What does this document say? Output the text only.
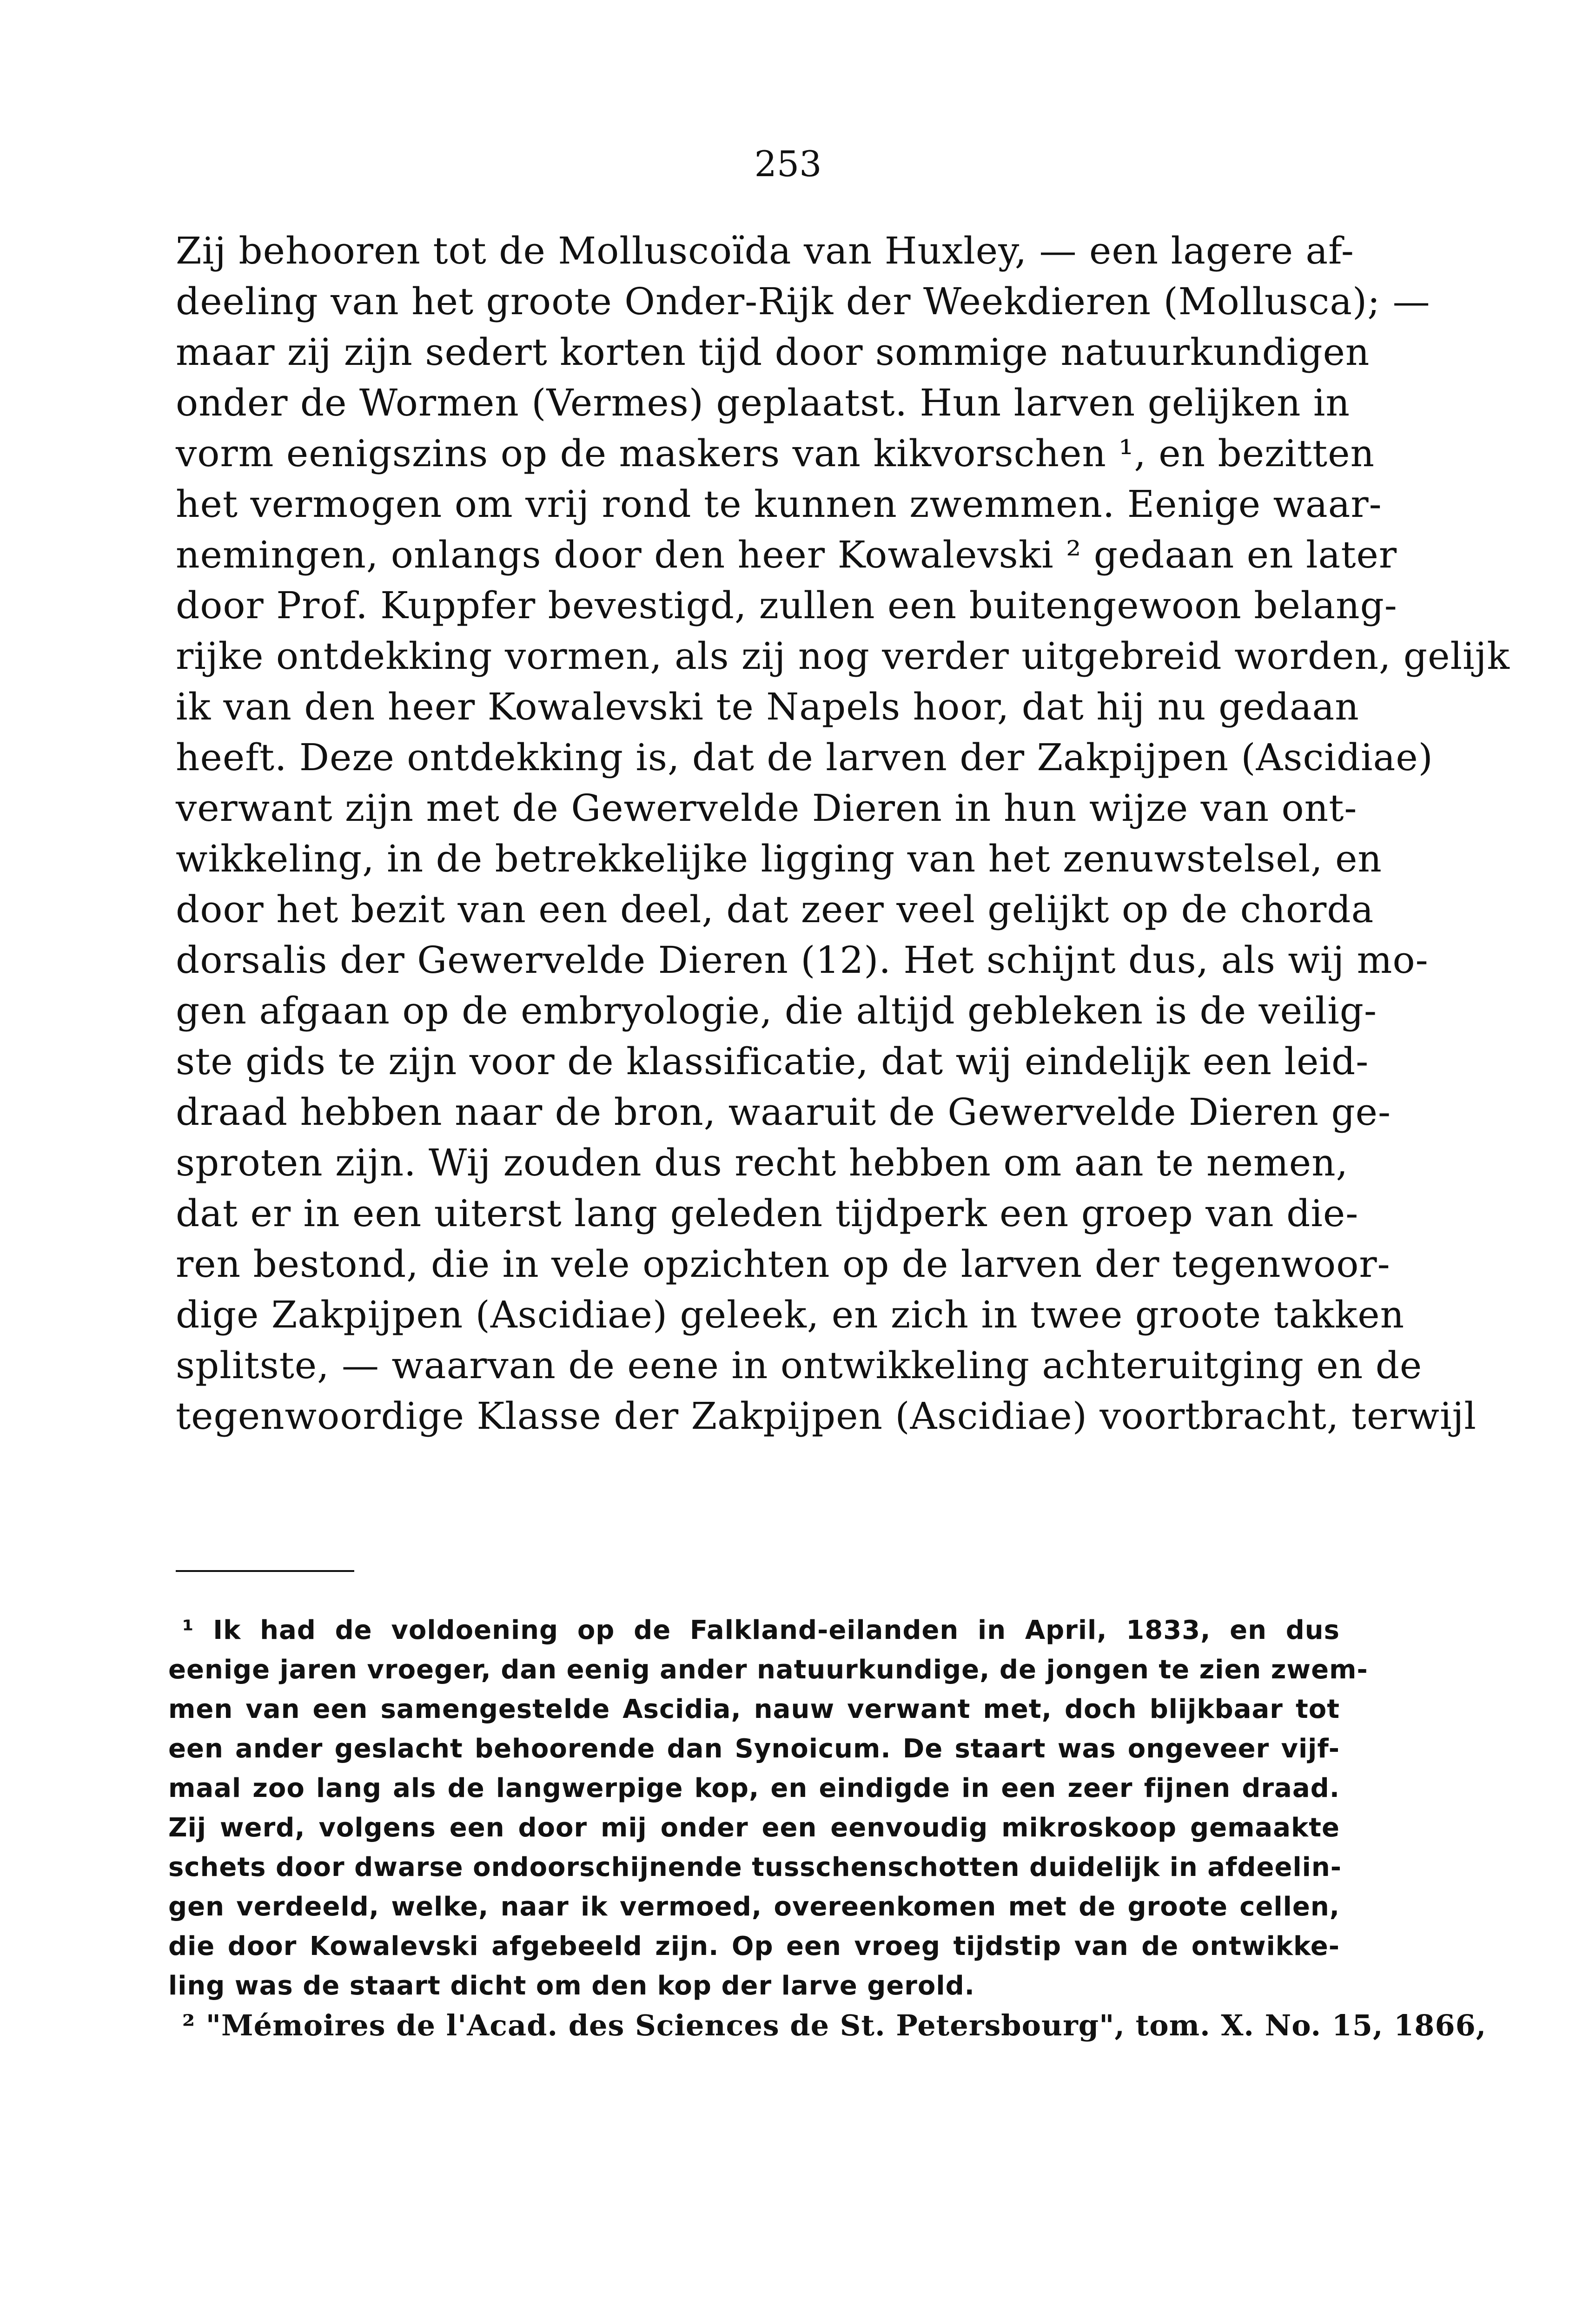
253
Zij behooren tot de Molluscoïda van Huxley, — een lagere af-
deeling van het groote Onder-Rijk der Weekdieren (Mollusca); —
maar zij zijn sedert korten tijd door sommige natuurkundigen
onder de Wormen (Vermes) geplaatst. Hun larven gelijken in
vorm eenigszins op de maskers van kikvorschen ¹, en bezitten
het vermogen om vrij rond te kunnen zwemmen. Eenige waar-
nemingen, onlangs door den heer Kowalevski ² gedaan en later
door Prof. Kuppfer bevestigd, zullen een buitengewoon belang-
rijke ontdekking vormen, als zij nog verder uitgebreid worden, gelijk
ik van den heer Kowalevski te Napels hoor, dat hij nu gedaan
heeft. Deze ontdekking is, dat de larven der Zakpijpen (Ascidiae)
verwant zijn met de Gewervelde Dieren in hun wijze van ont-
wikkeling, in de betrekkelijke ligging van het zenuwstelsel, en
door het bezit van een deel, dat zeer veel gelijkt op de chorda
dorsalis der Gewervelde Dieren (12). Het schijnt dus, als wij mo-
gen afgaan op de embryologie, die altijd gebleken is de veilig-
ste gids te zijn voor de klassificatie, dat wij eindelijk een leid-
draad hebben naar de bron, waaruit de Gewervelde Dieren ge-
sproten zijn. Wij zouden dus recht hebben om aan te nemen,
dat er in een uiterst lang geleden tijdperk een groep van die-
ren bestond, die in vele opzichten op de larven der tegenwoor-
dige Zakpijpen (Ascidiae) geleek, en zich in twee groote takken
splitste, — waarvan de eene in ontwikkeling achteruitging en de
tegenwoordige Klasse der Zakpijpen (Ascidiae) voortbracht, terwijl
¹ Ik had de voldoening op de Falkland-eilanden in April, 1833, en dus
eenige jaren vroeger, dan eenig ander natuurkundige, de jongen te zien zwem-
men van een samengestelde Ascidia, nauw verwant met, doch blijkbaar tot
een ander geslacht behoorende dan Synoicum. De staart was ongeveer vijf-
maal zoo lang als de langwerpige kop, en eindigde in een zeer fijnen draad.
Zij werd, volgens een door mij onder een eenvoudig mikroskoop gemaakte
schets door dwarse ondoorschijnende tusschenschotten duidelijk in afdeelin-
gen verdeeld, welke, naar ik vermoed, overeenkomen met de groote cellen,
die door Kowalevski afgebeeld zijn. Op een vroeg tijdstip van de ontwikke-
ling was de staart dicht om den kop der larve gerold.
² "Mémoires de l'Acad. des Sciences de St. Petersbourg", tom. X. No. 15, 1866,
